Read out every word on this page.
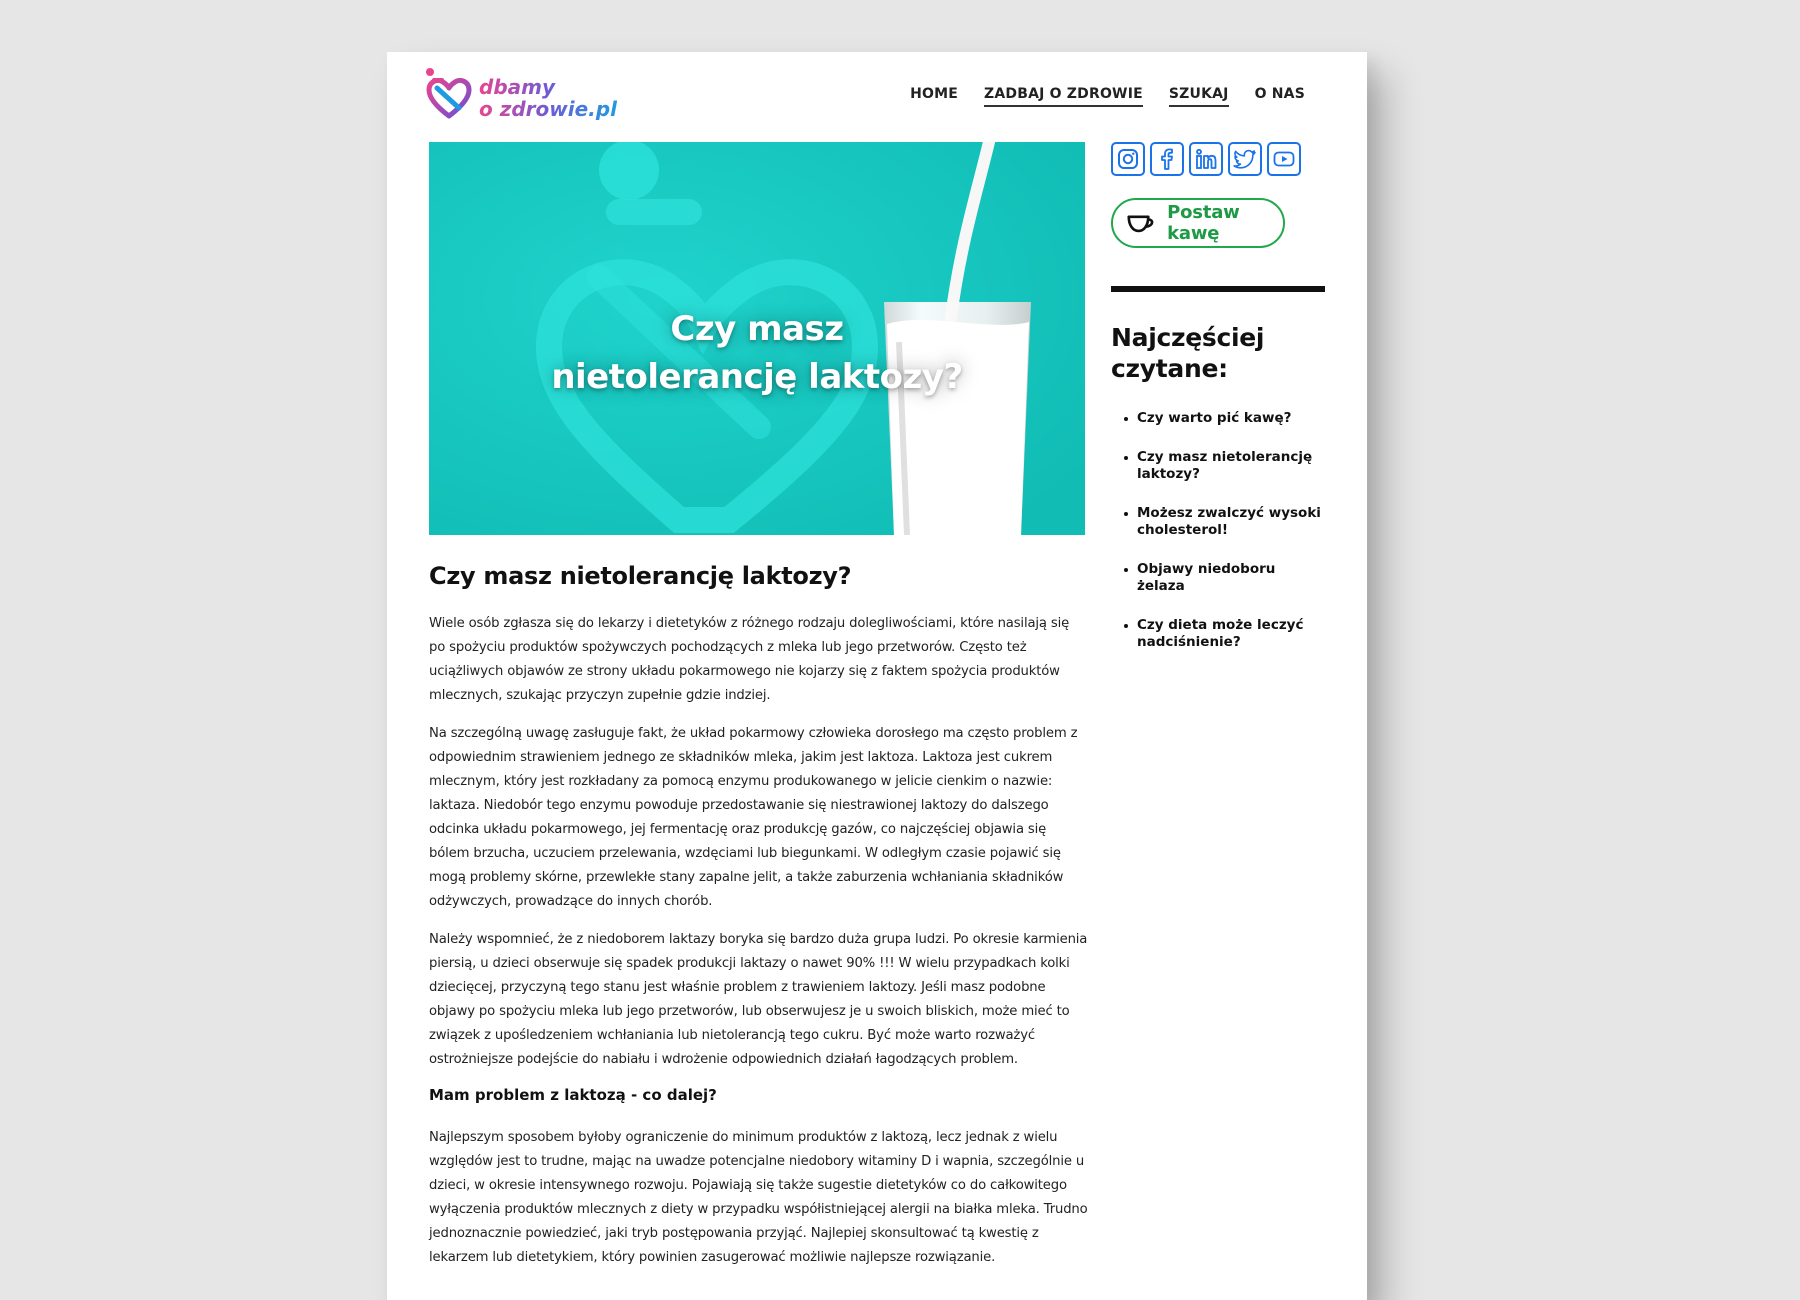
dbamy
o zdrowie.pl
HOME ZADBAJ O ZDROWIE SZUKAJ O NAS
Czy masz
nietolerancję laktozy?
Czy masz nietolerancję laktozy?

Wiele osób zgłasza się do lekarzy i dietetyków z różnego rodzaju dolegliwościami, które nasilają się po spożyciu produktów spożywczych pochodzących z mleka lub jego przetworów. Często też uciążliwych objawów ze strony układu pokarmowego nie kojarzy się z faktem spożycia produktów mlecznych, szukając przyczyn zupełnie gdzie indziej.

Na szczególną uwagę zasługuje fakt, że układ pokarmowy człowieka dorosłego ma często problem z odpowiednim strawieniem jednego ze składników mleka, jakim jest laktoza. Laktoza jest cukrem mlecznym, który jest rozkładany za pomocą enzymu produkowanego w jelicie cienkim o nazwie: laktaza. Niedobór tego enzymu powoduje przedostawanie się niestrawionej laktozy do dalszego odcinka układu pokarmowego, jej fermentację oraz produkcję gazów, co najczęściej objawia się bólem brzucha, uczuciem przelewania, wzdęciami lub biegunkami. W odległym czasie pojawić się mogą problemy skórne, przewlekłe stany zapalne jelit, a także zaburzenia wchłaniania składników odżywczych, prowadzące do innych chorób.

Należy wspomnieć, że z niedoborem laktazy boryka się bardzo duża grupa ludzi. Po okresie karmienia piersią, u dzieci obserwuje się spadek produkcji laktazy o nawet 90% !!! W wielu przypadkach kolki dziecięcej, przyczyną tego stanu jest właśnie problem z trawieniem laktozy. Jeśli masz podobne objawy po spożyciu mleka lub jego przetworów, lub obserwujesz je u swoich bliskich, może mieć to związek z upośledzeniem wchłaniania lub nietolerancją tego cukru. Być może warto rozważyć ostrożniejsze podejście do nabiału i wdrożenie odpowiednich działań łagodzących problem.

Mam problem z laktozą - co dalej?

Najlepszym sposobem byłoby ograniczenie do minimum produktów z laktozą, lecz jednak z wielu względów jest to trudne, mając na uwadze potencjalne niedobory witaminy D i wapnia, szczególnie u dzieci, w okresie intensywnego rozwoju. Pojawiają się także sugestie dietetyków co do całkowitego wyłączenia produktów mlecznych z diety w przypadku współistniejącej alergii na białka mleka. Trudno jednoznacznie powiedzieć, jaki tryb postępowania przyjąć. Najlepiej skonsultować tą kwestię z lekarzem lub dietetykiem, który powinien zasugerować możliwie najlepsze rozwiązanie.

Postaw kawę
Najczęściej czytane:
Czy warto pić kawę?
Czy masz nietolerancję laktozy?
Możesz zwalczyć wysoki cholesterol!
Objawy niedoboru żelaza
Czy dieta może leczyć nadciśnienie?
